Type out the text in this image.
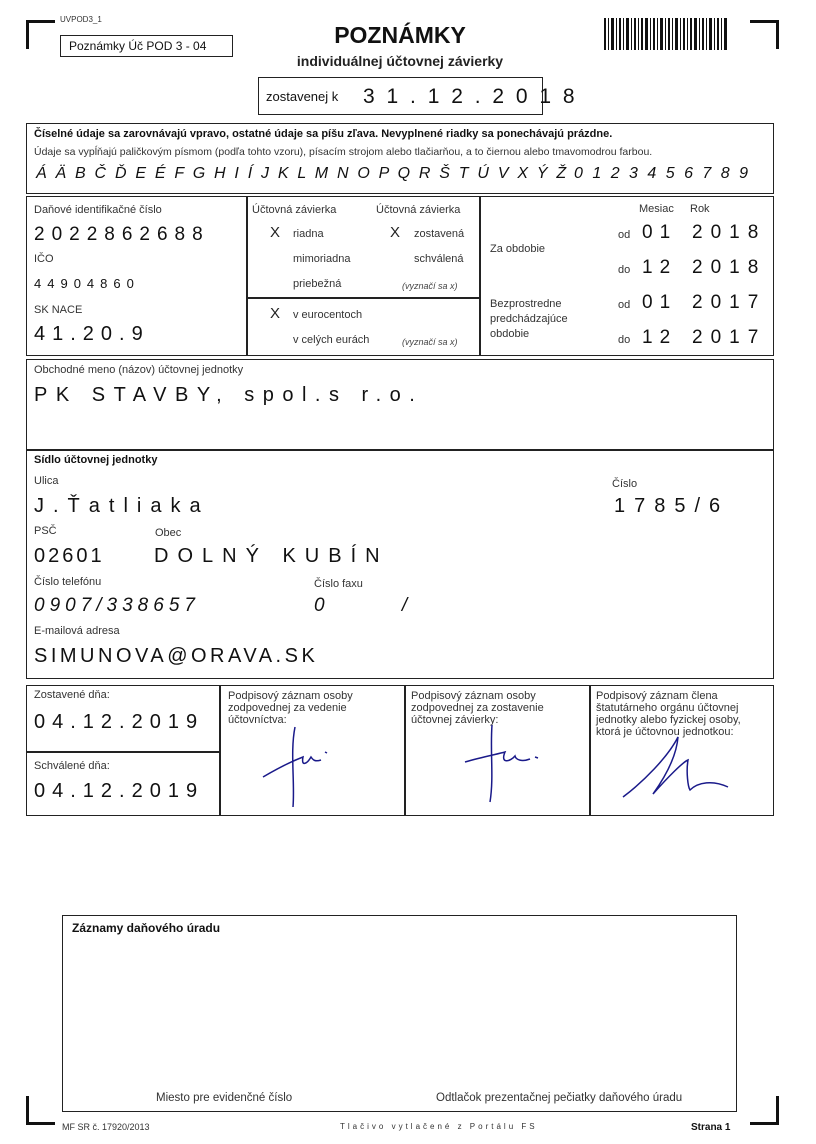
UVPOD3_1
Poznámky Úč POD 3 - 04	POZNÁMKY
individuálnej účtovnej závierky
zostavenej k 3 1 . 1 2 . 2 0 1 8
Číselné údaje sa zarovnávajú vpravo, ostatné údaje sa píšu zľava. Nevyplnené riadky sa ponechávajú prázdne.
Údaje sa vypĺňajú paličkovým písmom (podľa tohto vzoru), písacím strojom alebo tlačiarňou, a to čiernou alebo tmavomodrou farbou.
Á Ä B Č Ď E É F G H I Í J K L M N O P Q R Š T Ú V X Ý Ž 0 1 2 3 4 5 6 7 8 9
Daňové identifikačné číslo
2022862688
IČO
44904860
SK NACE
41.20.9
Účtovná závierka
X riadna
mimoriadna
priebežná	(vyznačí sa x)
Účtovná závierka
X zostavená
schválená
X v eurocentoch
v celých eurách	(vyznačí sa x)
Mesiac Rok
Za obdobie
Bezprostredne
predchádzajúce
obdobie
od 01 2018
do 12 2018
od 01 2017
do 12 2017
Obchodné meno (názov) účtovnej jednotky
PK STAVBY, spol.s r.o.
Sídlo účtovnej jednotky
Ulica
J.Ťatliaka
Číslo
1785/6
PSČ
02601
Obec
DOLNÝ KUBÍN
Číslo telefónu
0907/338657
Číslo faxu
0 /
E-mailová adresa
SIMUNOVA@ORAVA.SK
Zostavené dňa:
04.12.2019
Schválené dňa:
04.12.2019
Podpisový záznam osoby zodpovednej za vedenie účtovníctva:
Podpisový záznam osoby zodpovednej za zostavenie účtovnej závierky:
Podpisový záznam člena štatutárneho orgánu účtovnej jednotky alebo fyzickej osoby, ktorá je účtovnou jednotkou:
Záznamy daňového úradu
Miesto pre evidenčné číslo	Odtlačok prezentačnej pečiatky daňového úradu
MF SR č. 17920/2013	Tlačivo vytlačené z Portálu FS	Strana 1
